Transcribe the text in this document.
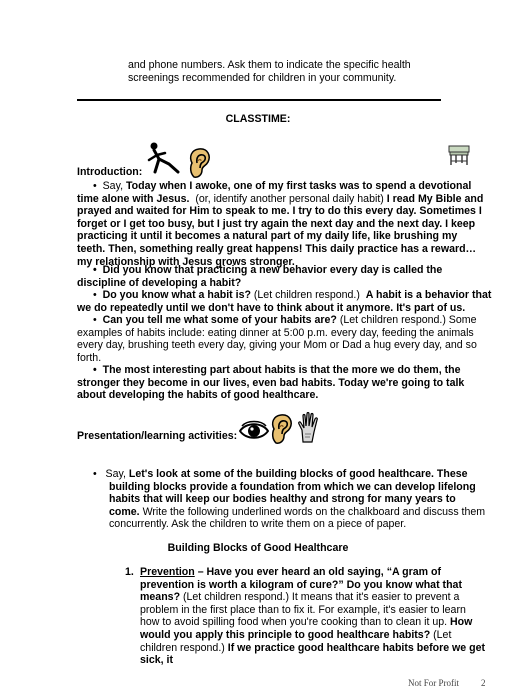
and phone numbers. Ask them to indicate the specific health

screenings recommended for children in your community.

CLASSTIME:
Introduction:

•  Say, Today when I awoke, one of my first tasks was to spend a devotional time alone with Jesus. (or, identify another personal daily habit) I read My Bible and prayed and waited for Him to speak to me. I try to do this every day. Sometimes I forget or I get too busy, but I just try again the next day and the next day. I keep practicing it until it becomes a natural part of my daily life, like brushing my teeth. Then, something really great happens! This daily practice has a reward…my relationship with Jesus grows stronger.

•  Did you know that practicing a new behavior every day is called the discipline of developing a habit?

•  Do you know what a habit is? (Let children respond.) A habit is a behavior that we do repeatedly until we don't have to think about it anymore. It's part of us.

•  Can you tell me what some of your habits are? (Let children respond.) Some examples of habits include: eating dinner at 5:00 p.m. every day, feeding the animals every day, brushing teeth every day, giving your Mom or Dad a hug every day, and so forth.

•  The most interesting part about habits is that the more we do them, the stronger they become in our lives, even bad habits. Today we're going to talk about developing the habits of good healthcare.

Presentation/learning activities:

•   Say, Let's look at some of the building blocks of good healthcare. These building blocks provide a foundation from which we can develop lifelong habits that will keep our bodies healthy and strong for many years to come. Write the following underlined words on the chalkboard and discuss them concurrently. Ask the children to write them on a piece of paper.

Building Blocks of Good Healthcare
1. Prevention – Have you ever heard an old saying, “A gram of prevention is worth a kilogram of cure?” Do you know what that means? (Let children respond.) It means that it's easier to prevent a problem in the first place than to fix it. For example, it's easier to learn how to avoid spilling food when you're cooking than to clean it up. How would you apply this principle to good healthcare habits? (Let children respond.) If we practice good healthcare habits before we get sick, it

Not For Profit 2
